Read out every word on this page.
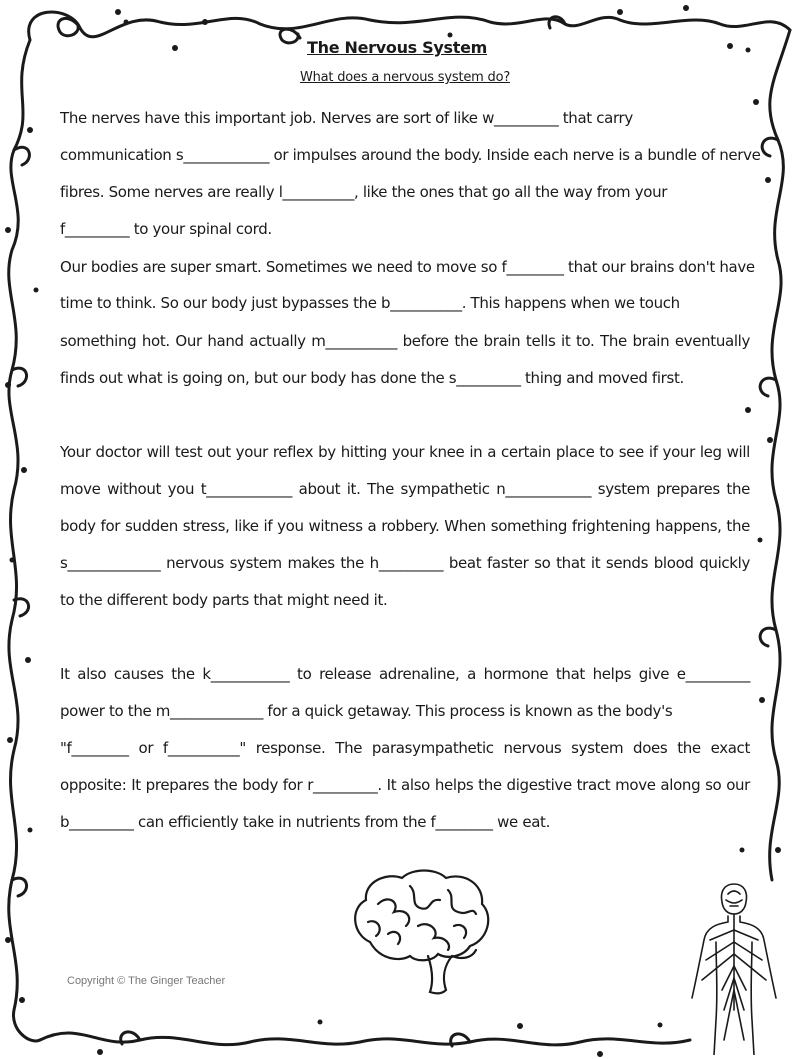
The Nervous System
What does a nervous system do?
The nerves have this important job. Nerves are sort of like w_________ that carry
communication s____________ or impulses around the body. Inside each nerve is a bundle of nerve
fibres. Some nerves are really l__________, like the ones that go all the way from your
f_________ to your spinal cord.
Our bodies are super smart. Sometimes we need to move so f________ that our brains don't have
time to think. So our body just bypasses the b__________. This happens when we touch
something hot. Our hand actually m__________ before the brain tells it to. The brain eventually
finds out what is going on, but our body has done the s_________ thing and moved first.
Your doctor will test out your reflex by hitting your knee in a certain place to see if your leg will
move without you t____________ about it. The sympathetic n____________ system prepares the
body for sudden stress, like if you witness a robbery. When something frightening happens, the
s_____________ nervous system makes the h_________ beat faster so that it sends blood quickly
to the different body parts that might need it.
It also causes the k___________ to release adrenaline, a hormone that helps give e_________
power to the m_____________ for a quick getaway. This process is known as the body's
"f________ or f__________" response. The parasympathetic nervous system does the exact
opposite: It prepares the body for r_________. It also helps the digestive tract move along so our
b_________ can efficiently take in nutrients from the f________ we eat.
Copyright © The Ginger Teacher
